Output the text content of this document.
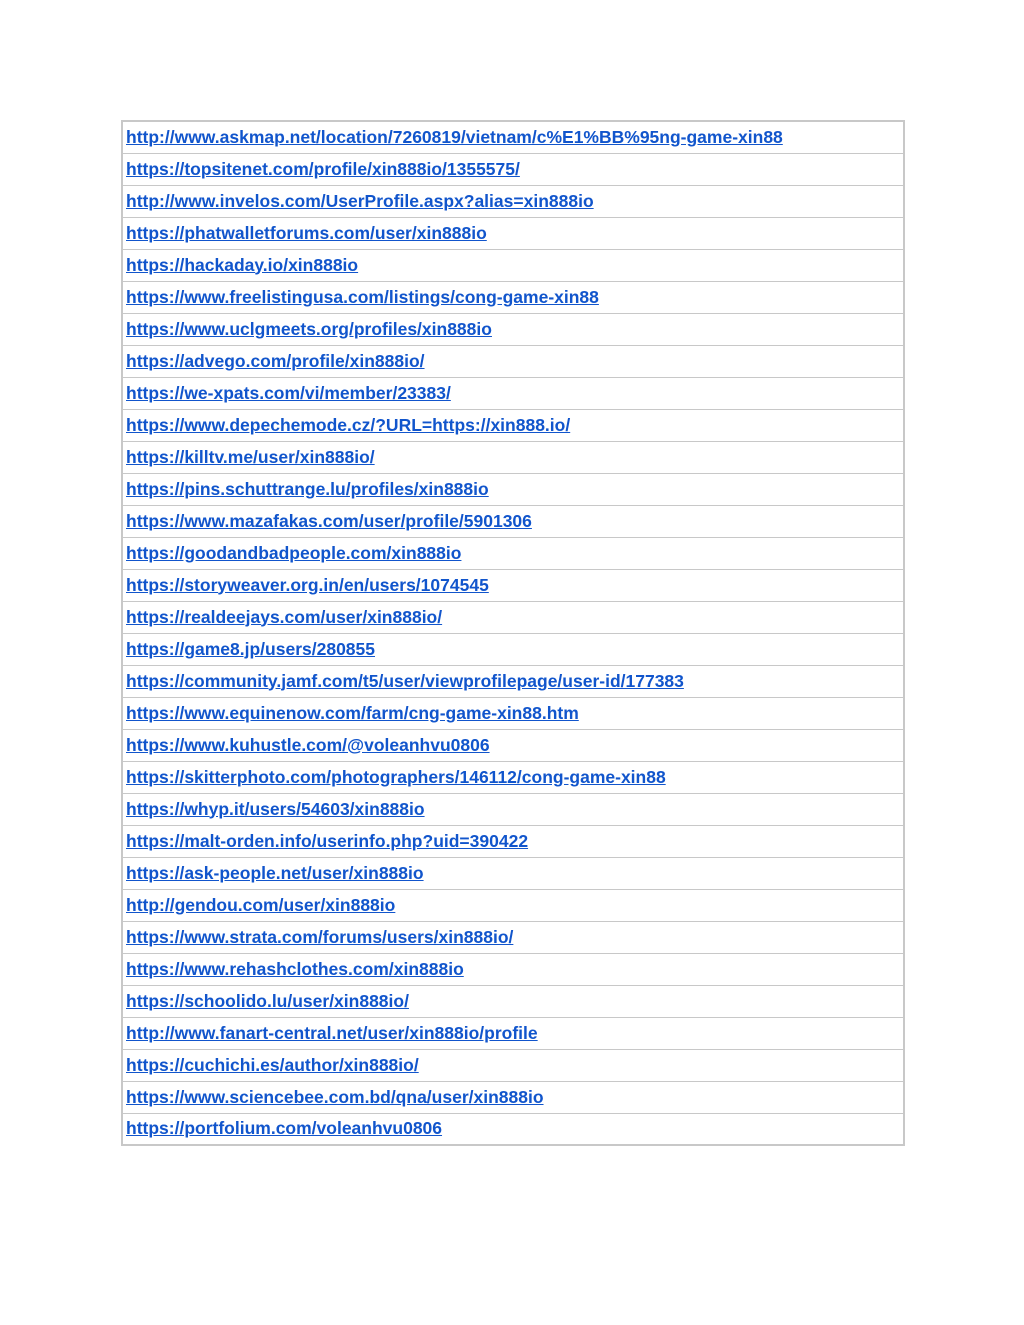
http://www.askmap.net/location/7260819/vietnam/c%E1%BB%95ng-game-xin88
https://topsitenet.com/profile/xin888io/1355575/
http://www.invelos.com/UserProfile.aspx?alias=xin888io
https://phatwalletforums.com/user/xin888io
https://hackaday.io/xin888io
https://www.freelistingusa.com/listings/cong-game-xin88
https://www.uclgmeets.org/profiles/xin888io
https://advego.com/profile/xin888io/
https://we-xpats.com/vi/member/23383/
https://www.depechemode.cz/?URL=https://xin888.io/
https://killtv.me/user/xin888io/
https://pins.schuttrange.lu/profiles/xin888io
https://www.mazafakas.com/user/profile/5901306
https://goodandbadpeople.com/xin888io
https://storyweaver.org.in/en/users/1074545
https://realdeejays.com/user/xin888io/
https://game8.jp/users/280855
https://community.jamf.com/t5/user/viewprofilepage/user-id/177383
https://www.equinenow.com/farm/cng-game-xin88.htm
https://www.kuhustle.com/@voleanhvu0806
https://skitterphoto.com/photographers/146112/cong-game-xin88
https://whyp.it/users/54603/xin888io
https://malt-orden.info/userinfo.php?uid=390422
https://ask-people.net/user/xin888io
http://gendou.com/user/xin888io
https://www.strata.com/forums/users/xin888io/
https://www.rehashclothes.com/xin888io
https://schoolido.lu/user/xin888io/
http://www.fanart-central.net/user/xin888io/profile
https://cuchichi.es/author/xin888io/
https://www.sciencebee.com.bd/qna/user/xin888io
https://portfolium.com/voleanhvu0806
